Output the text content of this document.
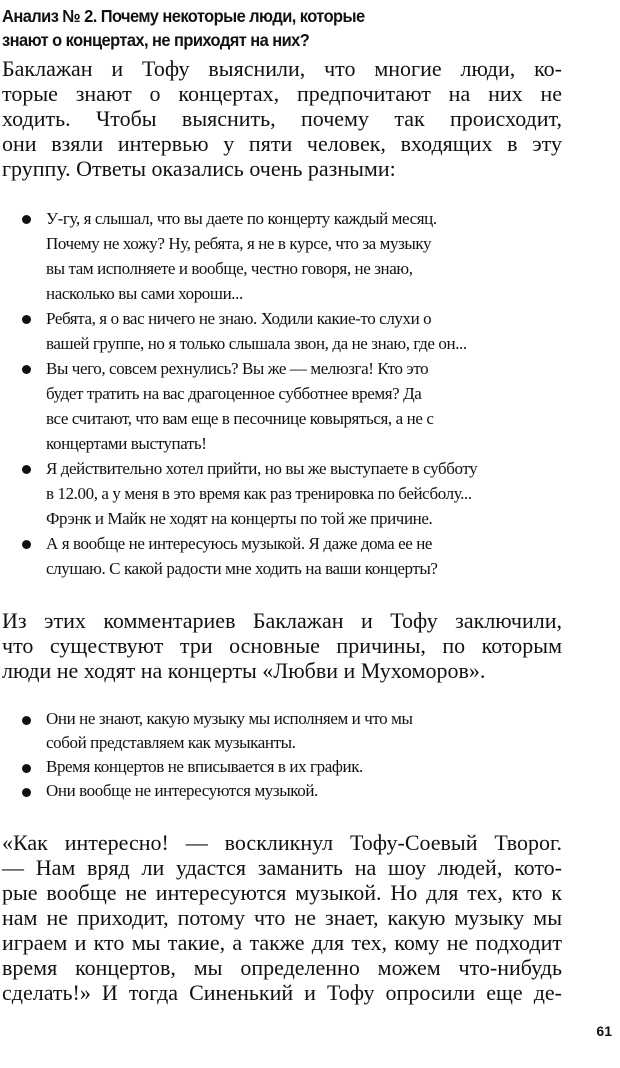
Анализ № 2. Почему некоторые люди, которые
знают о концертах, не приходят на них?
Баклажан и Тофу выяснили, что многие люди, ко-
торые знают о концертах, предпочитают на них не
ходить. Чтобы выяснить, почему так происходит,
они взяли интервью у пяти человек, входящих в эту
группу. Ответы оказались очень разными:
У-гу, я слышал, что вы даете по концерту каждый месяц.
Почему не хожу? Ну, ребята, я не в курсе, что за музыку
вы там исполняете и вообще, честно говоря, не знаю,
насколько вы сами хороши...
Ребята, я о вас ничего не знаю. Ходили какие-то слухи о
вашей группе, но я только слышала звон, да не знаю, где он...
Вы чего, совсем рехнулись? Вы же — мелюзга! Кто это
будет тратить на вас драгоценное субботнее время? Да
все считают, что вам еще в песочнице ковыряться, а не с
концертами выступать!
Я действительно хотел прийти, но вы же выступаете в субботу
в 12.00, а у меня в это время как раз тренировка по бейсболу...
Фрэнк и Майк не ходят на концерты по той же причине.
А я вообще не интересуюсь музыкой. Я даже дома ее не
слушаю. С какой радости мне ходить на ваши концерты?
Из этих комментариев Баклажан и Тофу заключили,
что существуют три основные причины, по которым
люди не ходят на концерты «Любви и Мухоморов».
Они не знают, какую музыку мы исполняем и что мы
собой представляем как музыканты.
Время концертов не вписывается в их график.
Они вообще не интересуются музыкой.
«Как интересно! — воскликнул Тофу-Соевый Творог.
— Нам вряд ли удастся заманить на шоу людей, кото-
рые вообще не интересуются музыкой. Но для тех, кто к
нам не приходит, потому что не знает, какую музыку мы
играем и кто мы такие, а также для тех, кому не подходит
время концертов, мы определенно можем что-нибудь
сделать!» И тогда Синенький и Тофу опросили еще де-
61
